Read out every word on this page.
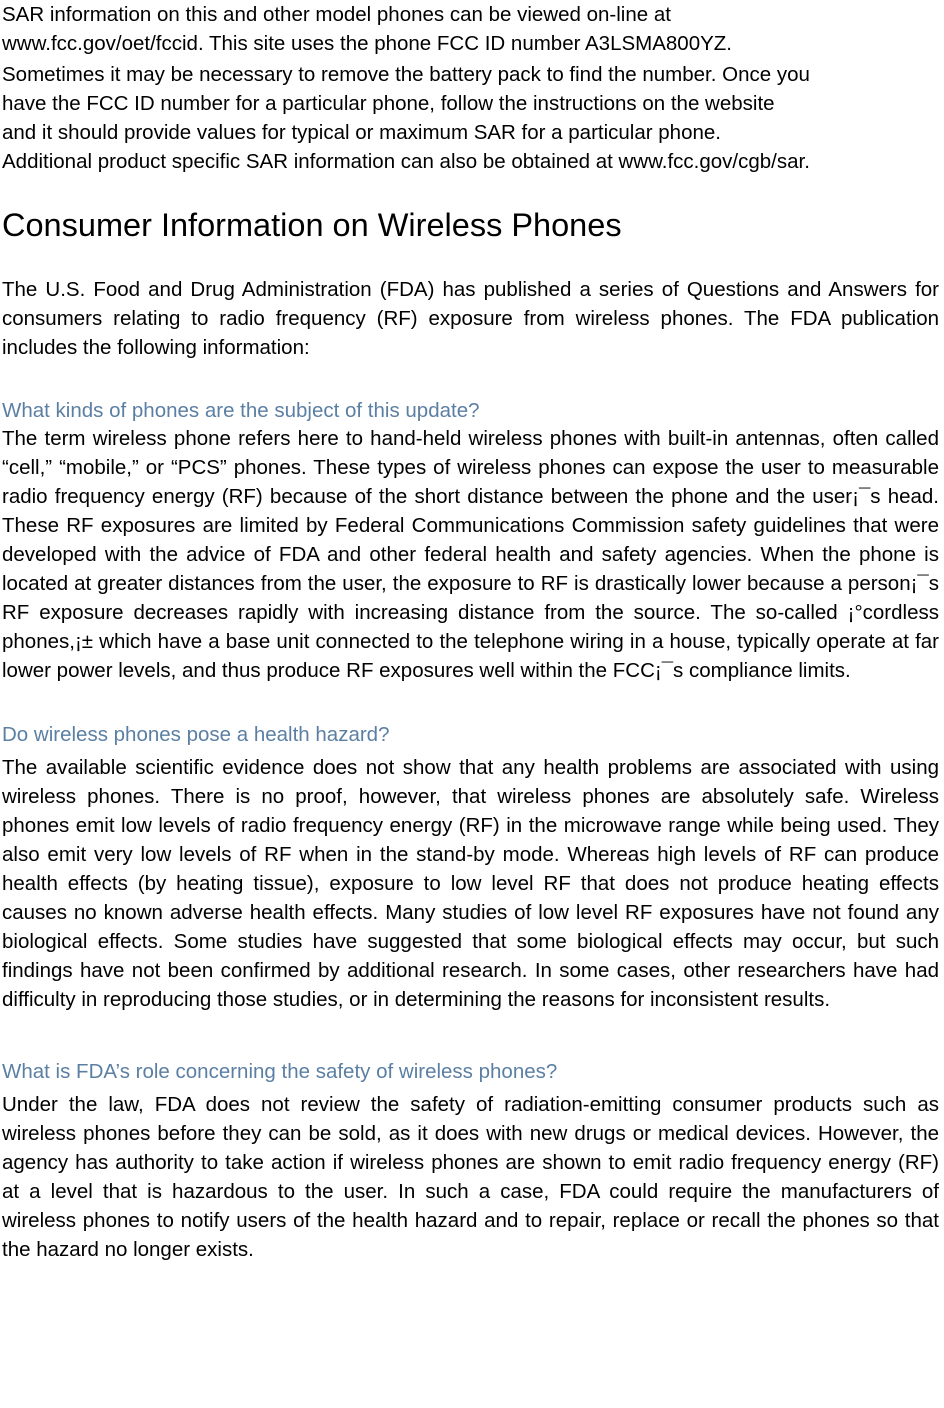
SAR information on this and other model phones can be viewed on-line at
www.fcc.gov/oet/fccid. This site uses the phone FCC ID number A3LSMA800YZ.

Sometimes it may be necessary to remove the battery pack to find the number. Once you
have the FCC ID number for a particular phone, follow the instructions on the website
and it should provide values for typical or maximum SAR for a particular phone.
Additional product specific SAR information can also be obtained at www.fcc.gov/cgb/sar.

Consumer Information on Wireless Phones

The U.S. Food and Drug Administration (FDA) has published a series of Questions and Answers for consumers relating to radio frequency (RF) exposure from wireless phones. The FDA publication includes the following information:

What kinds of phones are the subject of this update?

The term wireless phone refers here to hand-held wireless phones with built-in antennas, often called “cell,” “mobile,” or “PCS” phones. These types of wireless phones can expose the user to measurable radio frequency energy (RF) because of the short distance between the phone and the user¡¯s head. These RF exposures are limited by Federal Communications Commission safety guidelines that were developed with the advice of FDA and other federal health and safety agencies. When the phone is located at greater distances from the user, the exposure to RF is drastically lower because a person¡¯s RF exposure decreases rapidly with increasing distance from the source. The so-called ¡°cordless phones,¡± which have a base unit connected to the telephone wiring in a house, typically operate at far lower power levels, and thus produce RF exposures well within the FCC¡¯s compliance limits.

Do wireless phones pose a health hazard?

The available scientific evidence does not show that any health problems are associated with using wireless phones. There is no proof, however, that wireless phones are absolutely safe. Wireless phones emit low levels of radio frequency energy (RF) in the microwave range while being used. They also emit very low levels of RF when in the stand-by mode. Whereas high levels of RF can produce health effects (by heating tissue), exposure to low level RF that does not produce heating effects causes no known adverse health effects. Many studies of low level RF exposures have not found any biological effects. Some studies have suggested that some biological effects may occur, but such findings have not been confirmed by additional research. In some cases, other researchers have had difficulty in reproducing those studies, or in determining the reasons for inconsistent results.

What is FDA’s role concerning the safety of wireless phones?

Under the law, FDA does not review the safety of radiation-emitting consumer products such as wireless phones before they can be sold, as it does with new drugs or medical devices. However, the agency has authority to take action if wireless phones are shown to emit radio frequency energy (RF) at a level that is hazardous to the user. In such a case, FDA could require the manufacturers of wireless phones to notify users of the health hazard and to repair, replace or recall the phones so that the hazard no longer exists.
